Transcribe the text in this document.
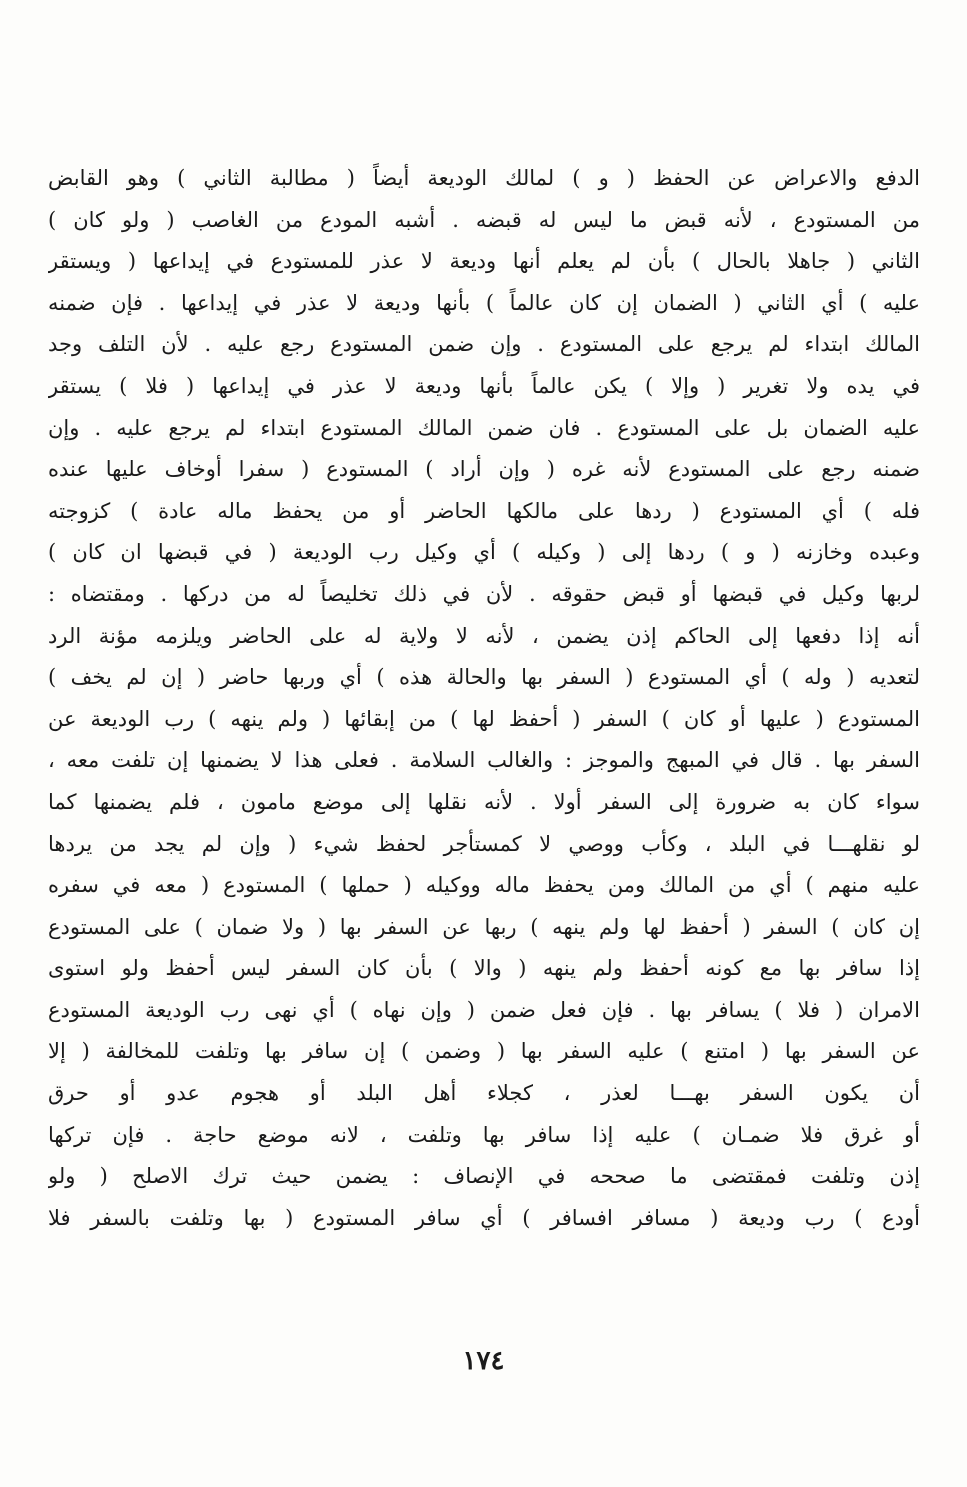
الدفع والاعراض عن الحفظ ( و ) لمالك الوديعة أيضاً ( مطالبة الثاني ) وهو القابض
من المستودع ، لأنه قبض ما ليس له قبضه . أشبه المودع من الغاصب ( ولو كان )
الثاني ( جاهلا بالحال ) بأن لم يعلم أنها وديعة لا عذر للمستودع في إيداعها ( ويستقر
عليه ) أي الثاني ( الضمان إن كان عالماً ) بأنها وديعة لا عذر في إيداعها . فإن ضمنه
المالك ابتداء لم يرجع على المستودع . وإن ضمن المستودع رجع عليه . لأن التلف وجد
في يده ولا تغرير ( وإلا ) يكن عالماً بأنها وديعة لا عذر في إيداعها ( فلا ) يستقر
عليه الضمان بل على المستودع . فان ضمن المالك المستودع ابتداء لم يرجع عليه . وإن
ضمنه رجع على المستودع لأنه غره ( وإن أراد ) المستودع ( سفرا أوخاف عليها عنده
فله ) أي المستودع ( ردها على مالكها الحاضر أو من يحفظ ماله عادة ) كزوجته
وعبده وخازنه ( و ) ردها إلى ( وكيله ) أي وكيل رب الوديعة ( في قبضها ان كان )
لربها وكيل في قبضها أو قبض حقوقه . لأن في ذلك تخليصاً له من دركها . ومقتضاه :
أنه إذا دفعها إلى الحاكم إذن يضمن ، لأنه لا ولاية له على الحاضر ويلزمه مؤنة الرد
لتعديه ( وله ) أي المستودع ( السفر بها والحالة هذه ) أي وربها حاضر ( إن لم يخف )
المستودع ( عليها أو كان ) السفر ( أحفظ لها ) من إبقائها ( ولم ينهه ) رب الوديعة عن
السفر بها . قال في المبهج والموجز : والغالب السلامة . فعلى هذا لا يضمنها إن تلفت معه ،
سواء كان به ضرورة إلى السفر أولا . لأنه نقلها إلى موضع مامون ، فلم يضمنها كما
لو نقلهـــا في البلد ، وكأب ووصي لا كمستأجر لحفظ شيء ( وإن لم يجد من يردها
عليه منهم ) أي من المالك ومن يحفظ ماله ووكيله ( حملها ) المستودع ( معه في سفره
إن كان ) السفر ( أحفظ لها ولم ينهه ) ربها عن السفر بها ( ولا ضمان ) على المستودع
إذا سافر بها مع كونه أحفظ ولم ينهه ( والا ) بأن كان السفر ليس أحفظ ولو استوى
الامران ( فلا ) يسافر بها . فإن فعل ضمن ( وإن نهاه ) أي نهى رب الوديعة المستودع
عن السفر بها ( امتنع ) عليه السفر بها ( وضمن ) إن سافر بها وتلفت للمخالفة ( إلا
أن يكون السفر بهـــا لعذر ، كجلاء أهل البلد أو هجوم عدو أو حرق
أو غرق فلا ضمـان ) عليه إذا سافر بها وتلفت ، لانه موضع حاجة . فإن تركها
إذن وتلفت فمقتضى ما صححه في الإنصاف : يضمن حيث ترك الاصلح ( ولو
أودع ) رب وديعة ( مسافر افسافر ) أي سافر المستودع ( بها وتلفت بالسفر فلا
١٧٤
